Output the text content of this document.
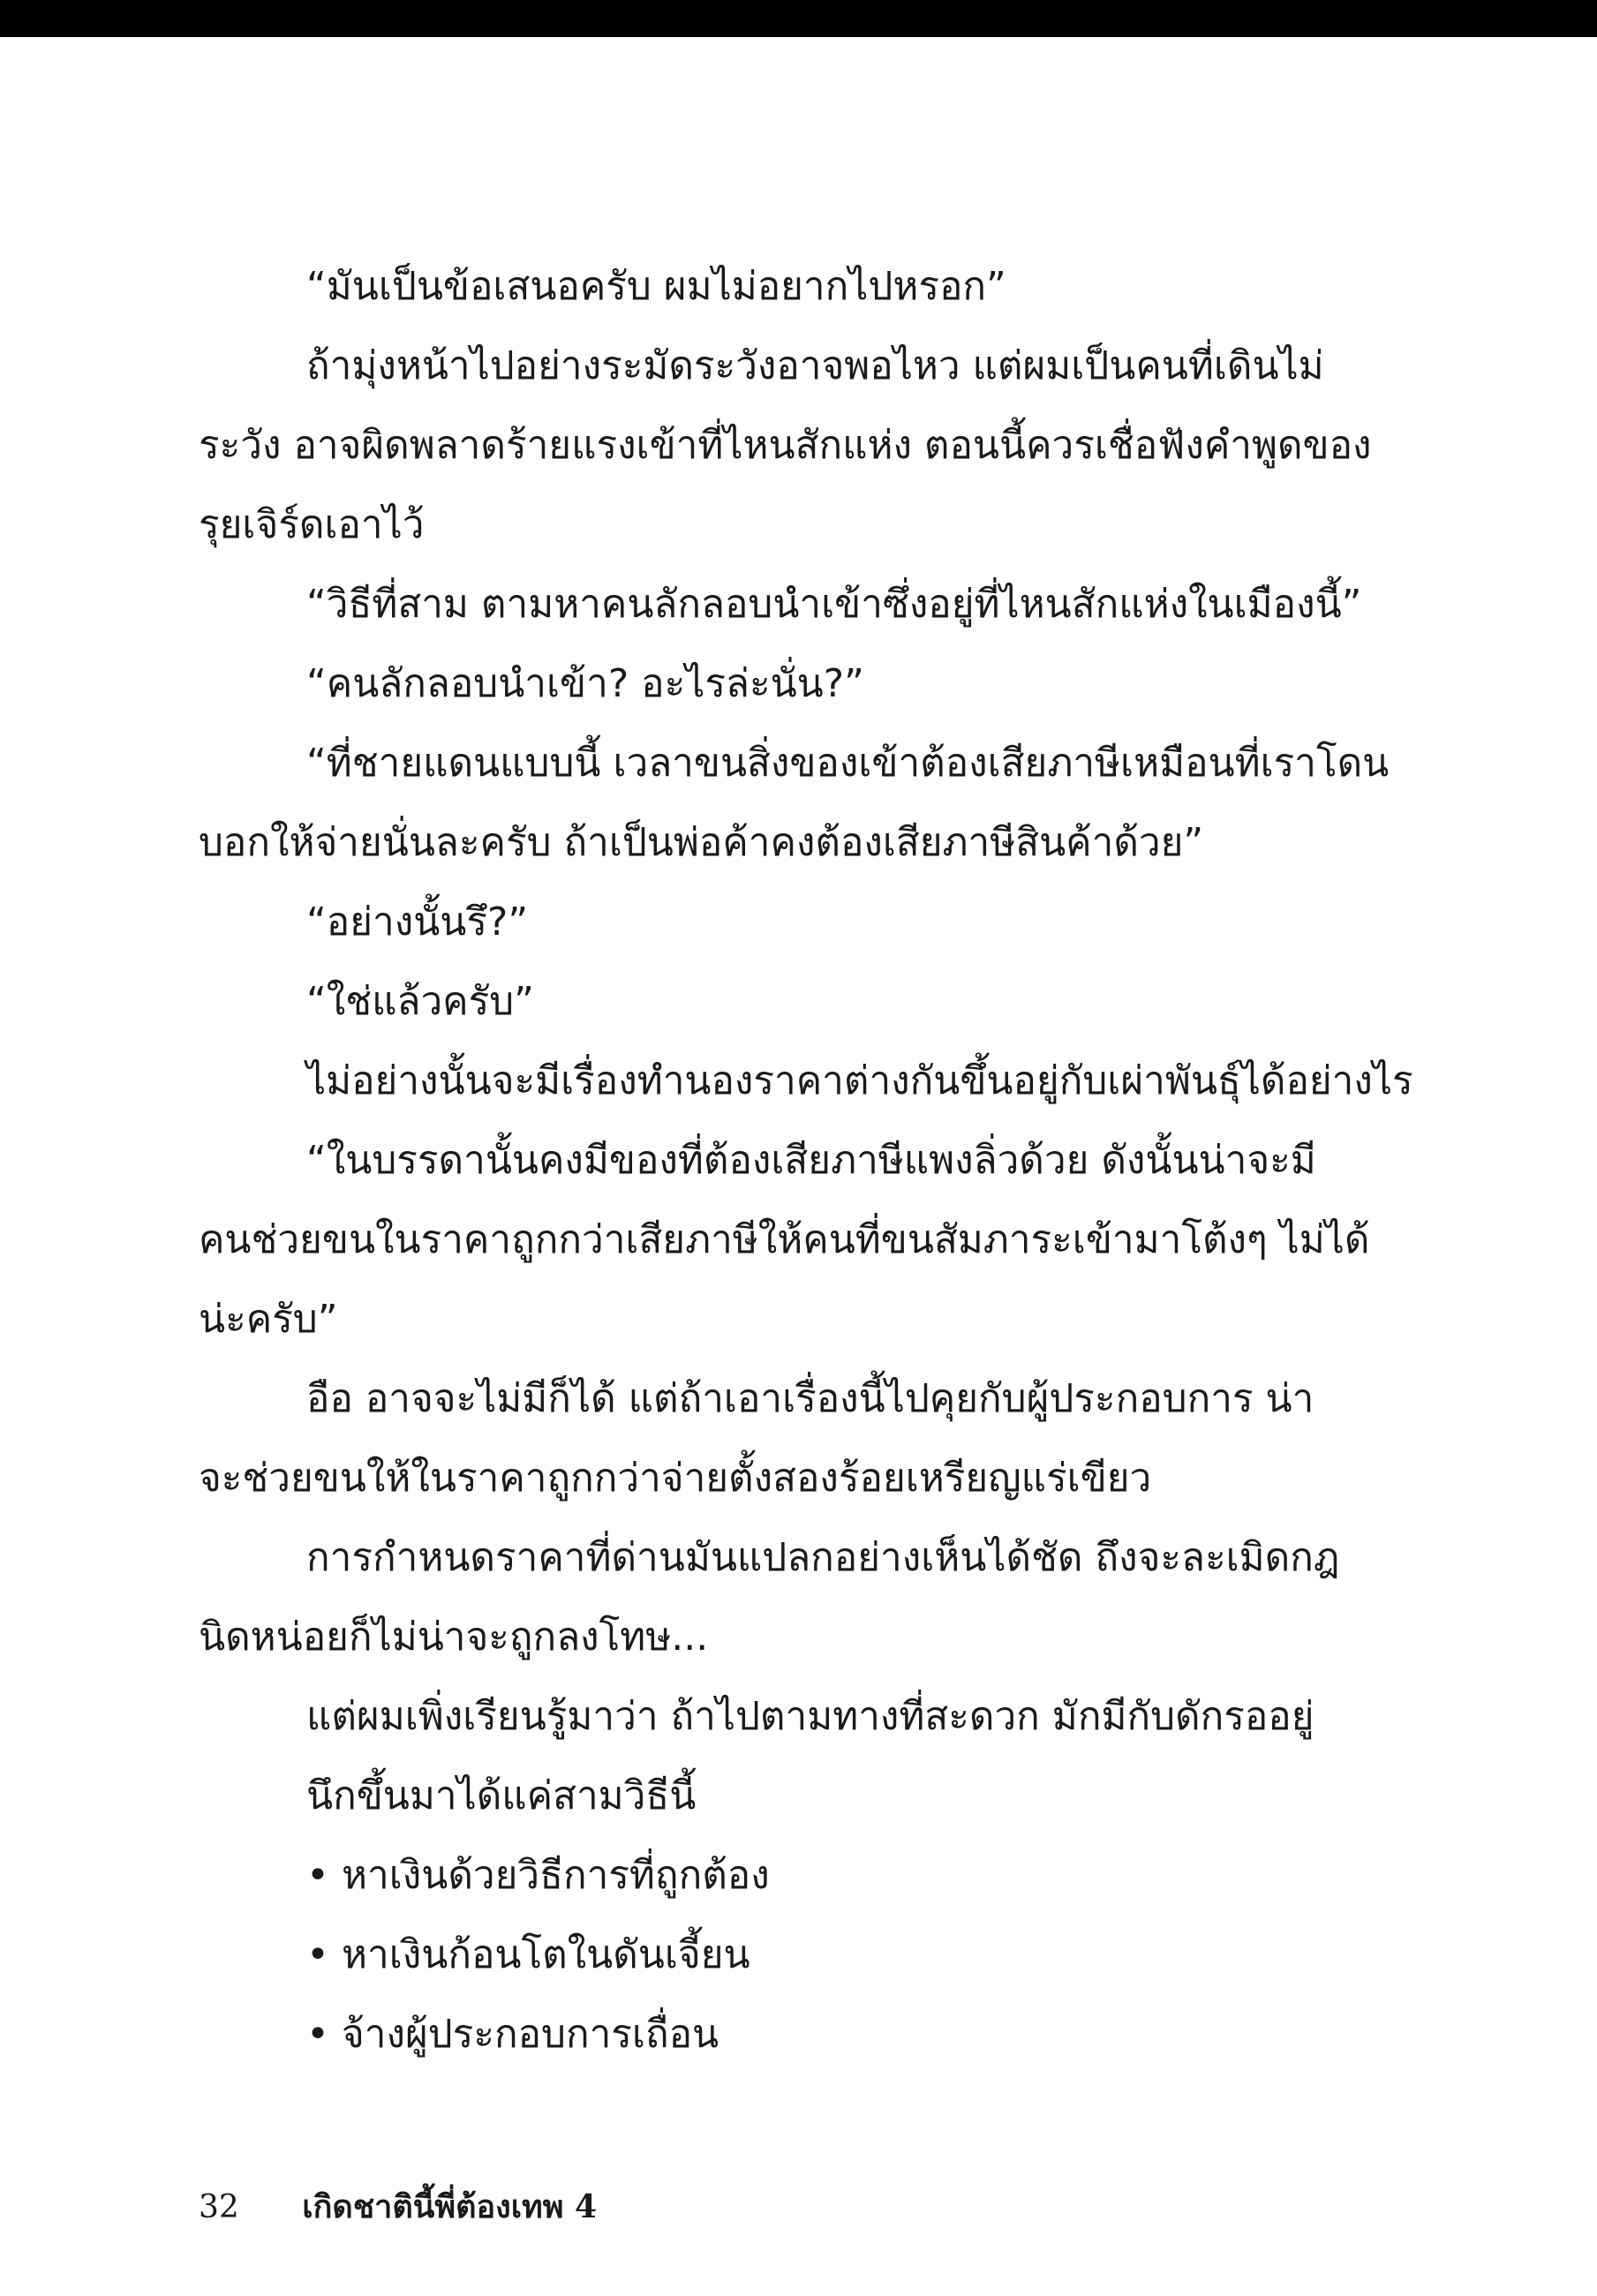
“มันเป็นข้อเสนอครับ ผมไม่อยากไปหรอก”
ถ้ามุ่งหน้าไปอย่างระมัดระวังอาจพอไหว แต่ผมเป็นคนที่เดินไม่
ระวัง อาจผิดพลาดร้ายแรงเข้าที่ไหนสักแห่ง ตอนนี้ควรเชื่อฟังคำพูดของ
รุยเจิร์ดเอาไว้
“วิธีที่สาม ตามหาคนลักลอบนำเข้าซึ่งอยู่ที่ไหนสักแห่งในเมืองนี้”
“คนลักลอบนำเข้า? อะไรล่ะนั่น?”
“ที่ชายแดนแบบนี้ เวลาขนสิ่งของเข้าต้องเสียภาษีเหมือนที่เราโดน
บอกให้จ่ายนั่นละครับ ถ้าเป็นพ่อค้าคงต้องเสียภาษีสินค้าด้วย”
“อย่างนั้นรึ?”
“ใช่แล้วครับ”
ไม่อย่างนั้นจะมีเรื่องทำนองราคาต่างกันขึ้นอยู่กับเผ่าพันธุ์ได้อย่างไร
“ในบรรดานั้นคงมีของที่ต้องเสียภาษีแพงลิ่วด้วย ดังนั้นน่าจะมี
คนช่วยขนในราคาถูกกว่าเสียภาษีให้คนที่ขนสัมภาระเข้ามาโต้งๆ ไม่ได้
น่ะครับ”
อือ อาจจะไม่มีก็ได้ แต่ถ้าเอาเรื่องนี้ไปคุยกับผู้ประกอบการ น่า
จะช่วยขนให้ในราคาถูกกว่าจ่ายตั้งสองร้อยเหรียญแร่เขียว
การกำหนดราคาที่ด่านมันแปลกอย่างเห็นได้ชัด ถึงจะละเมิดกฎ
นิดหน่อยก็ไม่น่าจะถูกลงโทษ...
แต่ผมเพิ่งเรียนรู้มาว่า ถ้าไปตามทางที่สะดวก มักมีกับดักรออยู่
นึกขึ้นมาได้แค่สามวิธีนี้
• หาเงินด้วยวิธีการที่ถูกต้อง
• หาเงินก้อนโตในดันเจี้ยน
• จ้างผู้ประกอบการเถื่อน
32 เกิดชาตินี้พี่ต้องเทพ 4
